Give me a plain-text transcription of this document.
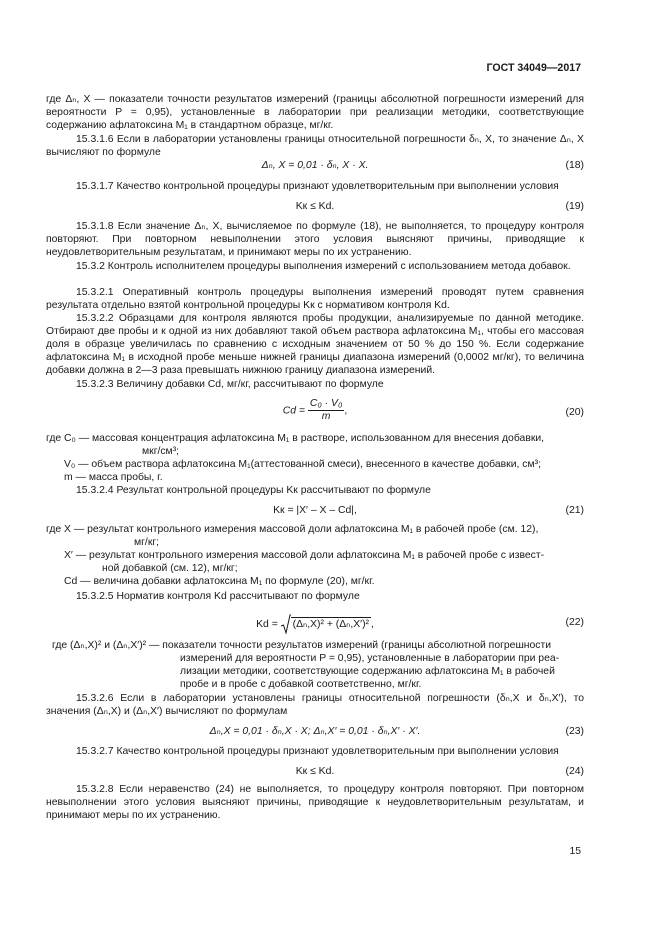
ГОСТ 34049—2017

где Δₙ, X — показатели точности результатов измерений (границы абсолютной погрешности измерений для вероятности P = 0,95), установленные в лаборатории при реализации методики, соответствующие содержанию афлатоксина M₁ в стандартном образце, мг/кг.

15.3.1.6 Если в лаборатории установлены границы относительной погрешности δₙ, X, то значение Δₙ, X вычисляют по формуле

Δₙ, X = 0,01 · δₙ, X · X.	(18)

15.3.1.7 Качество контрольной процедуры признают удовлетворительным при выполнении условия

Kк ≤ Kd.	(19)

15.3.1.8 Если значение Δₙ, X, вычисляемое по формуле (18), не выполняется, то процедуру контроля повторяют. При повторном невыполнении этого условия выясняют причины, приводящие к неудовлетворительным результатам, и принимают меры по их устранению.

15.3.2 Контроль исполнителем процедуры выполнения измерений с использованием метода добавок.

15.3.2.1 Оперативный контроль процедуры выполнения измерений проводят путем сравнения результата отдельно взятой контрольной процедуры Kк с нормативом контроля Kd.

15.3.2.2 Образцами для контроля являются пробы продукции, анализируемые по данной методике. Отбирают две пробы и к одной из них добавляют такой объем раствора афлатоксина M₁, чтобы его массовая доля в образце увеличилась по сравнению с исходным значением от 50 % до 150 %. Если содержание афлатоксина M₁ в исходной пробе меньше нижней границы диапазона измерений (0,0002 мг/кг), то величина добавки должна в 2—3 раза превышать нижнюю границу диапазона измерений.

15.3.2.3 Величину добавки Cd, мг/кг, рассчитывают по формуле

$Cd = \frac{\text{C₀ · V₀}}{m}$ ,	(20)
где C₀ — массовая концентрация афлатоксина M₁ в растворе, использованном для внесения добавки,
мкг/см³;
V₀ — объем раствора афлатоксина M₁(аттестованной смеси), внесенного в качестве добавки, см³;
m — масса пробы, г.

15.3.2.4 Результат контрольной процедуры Kк рассчитывают по формуле

Kк = |X′ – X – Cd|,	(21)
где X — результат контрольного измерения массовой доли афлатоксина M₁ в рабочей пробе (см. 12),
мг/кг;
X′ — результат контрольного измерения массовой доли афлатоксина M₁ в рабочей пробе с извест-
ной добавкой (см. 12), мг/кг;
Cd — величина добавки афлатоксина M₁ по формуле (20), мг/кг.

15.3.2.5 Норматив контроля Kd рассчитывают по формуле

Kd = (Δₙ,X)² + (Δₙ,X′)² ,	(22)
где (Δₙ,X)² и (Δₙ,X′)² — показатели точности результатов измерений (границы абсолютной погрешности
измерений для вероятности P = 0,95), установленные в лаборатории при реа-
лизации методики, соответствующие содержанию афлатоксина M₁ в рабочей
пробе и в пробе с добавкой соответственно, мг/кг.

15.3.2.6 Если в лаборатории установлены границы относительной погрешности (δₙ,X и δₙ,X′), то значения (Δₙ,X) и (Δₙ,X′) вычисляют по формулам

Δₙ,X = 0,01 · δₙ,X · X; Δₙ,X′ = 0,01 · δₙ,X′ · X′.	(23)

15.3.2.7 Качество контрольной процедуры признают удовлетворительным при выполнении условия

Kк ≤ Kd.	(24)

15.3.2.8 Если неравенство (24) не выполняется, то процедуру контроля повторяют. При повторном невыполнении этого условия выясняют причины, приводящие к неудовлетворительным результатам, и принимают меры по их устранению.

15
